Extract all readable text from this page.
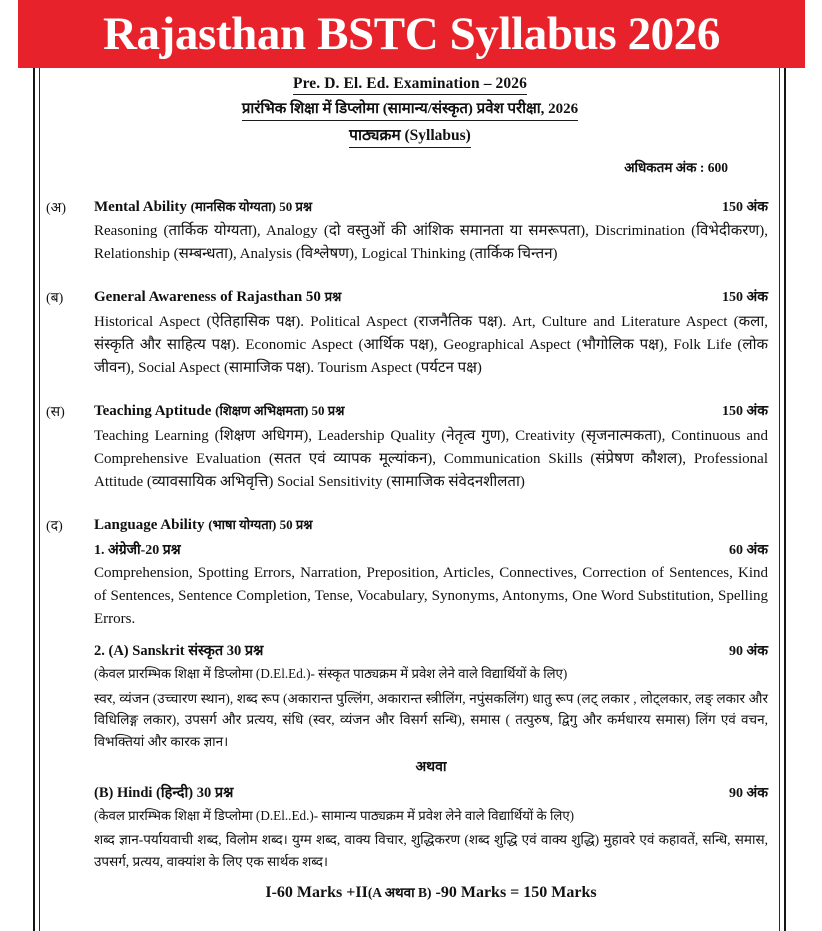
Rajasthan BSTC Syllabus 2026
Pre. D. El. Ed. Examination – 2026
प्रारंभिक शिक्षा में डिप्लोमा (सामान्य/संस्कृत) प्रवेश परीक्षा, 2026
पाठ्यक्रम (Syllabus)
अधिकतम अंक : 600
(अ)	Mental Ability (मानसिक योग्यता) 50 प्रश्न	150 अंक
Reasoning (तार्किक योग्यता), Analogy (दो वस्तुओं की आंशिक समानता या समरूपता), Discrimination (विभेदीकरण), Relationship (सम्बन्धता), Analysis (विश्लेषण), Logical Thinking (तार्किक चिन्तन)
(ब)	General Awareness of Rajasthan 50 प्रश्न	150 अंक
Historical Aspect (ऐतिहासिक पक्ष). Political Aspect (राजनैतिक पक्ष). Art, Culture and Literature Aspect (कला, संस्कृति और साहित्य पक्ष). Economic Aspect (आर्थिक पक्ष), Geographical Aspect (भौगोलिक पक्ष), Folk Life (लोक जीवन), Social Aspect (सामाजिक पक्ष). Tourism Aspect (पर्यटन पक्ष)
(स)	Teaching Aptitude (शिक्षण अभिक्षमता) 50 प्रश्न	150 अंक
Teaching Learning (शिक्षण अधिगम), Leadership Quality (नेतृत्व गुण), Creativity (सृजनात्मकता), Continuous and Comprehensive Evaluation (सतत एवं व्यापक मूल्यांकन), Communication Skills (संप्रेषण कौशल), Professional Attitude (व्यावसायिक अभिवृत्ति) Social Sensitivity (सामाजिक संवेदनशीलता)
(द)	Language Ability (भाषा योग्यता) 50 प्रश्न
1. अंग्रेजी-20 प्रश्न	60 अंक
Comprehension, Spotting Errors, Narration, Preposition, Articles, Connectives, Correction of Sentences, Kind of Sentences, Sentence Completion, Tense, Vocabulary, Synonyms, Antonyms, One Word Substitution, Spelling Errors.
2. (A) Sanskrit संस्कृत 30 प्रश्न	90 अंक
(केवल प्रारम्भिक शिक्षा में डिप्लोमा (D.El.Ed.)- संस्कृत पाठ्यक्रम में प्रवेश लेने वाले विद्यार्थियों के लिए)
स्वर, व्यंजन (उच्चारण स्थान), शब्द रूप (अकारान्त पुल्लिंग, अकारान्त स्त्रीलिंग, नपुंसकलिंग) धातु रूप (लट् लकार , लोट्लकार, लङ् लकार और विधिलिङ्ग लकार), उपसर्ग और प्रत्यय, संधि (स्वर, व्यंजन और विसर्ग सन्धि), समास ( तत्पुरुष, द्विगु और कर्मधारय समास) लिंग एवं वचन, विभक्तियां और कारक ज्ञान।
अथवा
(B) Hindi (हिन्दी) 30 प्रश्न	90 अंक
(केवल प्रारम्भिक शिक्षा में डिप्लोमा (D.El..Ed.)- सामान्य पाठ्यक्रम में प्रवेश लेने वाले विद्यार्थियों के लिए)
शब्द ज्ञान-पर्यायवाची शब्द, विलोम शब्द। युग्म शब्द, वाक्य विचार, शुद्धिकरण (शब्द शुद्धि एवं वाक्य शुद्धि) मुहावरे एवं कहावतें, सन्धि, समास, उपसर्ग, प्रत्यय, वाक्यांश के लिए एक सार्थक शब्द।
I-60 Marks +II(A अथवा B) -90 Marks = 150 Marks
